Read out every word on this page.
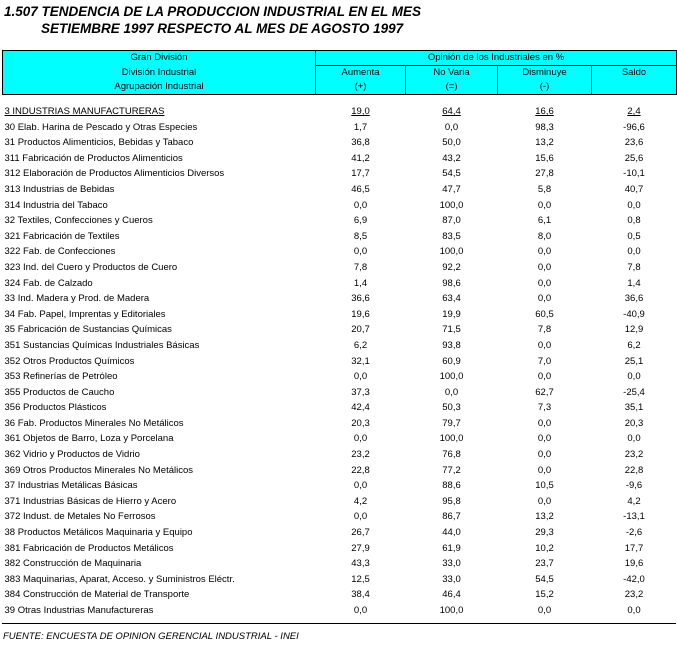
1.507 TENDENCIA DE LA PRODUCCION INDUSTRIAL EN EL MES
SETIEMBRE 1997 RESPECTO AL MES DE AGOSTO 1997
Gran División	Opinión de los Industriales en %			
División Industrial	Aumenta	No Varia	Disminuye	Saldo
Agrupación Industrial	(+)	(=)	(-)	
3 INDUSTRIAS MANUFACTURERAS	19,0	64,4	16,6	2,4
30 Elab. Harina de Pescado y Otras Especies	1,7	0,0	98,3	-96,6
31 Productos Alimenticios, Bebidas y Tabaco	36,8	50,0	13,2	23,6
311 Fabricación de Productos Alimenticios	41,2	43,2	15,6	25,6
312 Elaboración de Productos Alimenticios Diversos	17,7	54,5	27,8	-10,1
313 Industrias de Bebidas	46,5	47,7	5,8	40,7
314 Industria del Tabaco	0,0	100,0	0,0	0,0
32 Textiles, Confecciones y Cueros	6,9	87,0	6,1	0,8
321 Fabricación de Textiles	8,5	83,5	8,0	0,5
322 Fab. de Confecciones	0,0	100,0	0,0	0,0
323 Ind. del Cuero y Productos de Cuero	7,8	92,2	0,0	7,8
324 Fab. de Calzado	1,4	98,6	0,0	1,4
33 Ind. Madera y Prod. de Madera	36,6	63,4	0,0	36,6
34 Fab. Papel, Imprentas y Editoriales	19,6	19,9	60,5	-40,9
35 Fabricación de Sustancias Químicas	20,7	71,5	7,8	12,9
351 Sustancias Químicas Industriales Básicas	6,2	93,8	0,0	6,2
352 Otros Productos Químicos	32,1	60,9	7,0	25,1
353 Refinerías de Petróleo	0,0	100,0	0,0	0,0
355 Productos de Caucho	37,3	0,0	62,7	-25,4
356 Productos Plásticos	42,4	50,3	7,3	35,1
36 Fab. Productos Minerales No Metálicos	20,3	79,7	0,0	20,3
361 Objetos de Barro, Loza y Porcelana	0,0	100,0	0,0	0,0
362 Vidrio y Productos de Vidrio	23,2	76,8	0,0	23,2
369 Otros Productos Minerales No Metálicos	22,8	77,2	0,0	22,8
37 Industrias Metálicas Básicas	0,0	88,6	10,5	-9,6
371 Industrias Básicas de Hierro y Acero	4,2	95,8	0,0	4,2
372 Indust. de Metales No Ferrosos	0,0	86,7	13,2	-13,1
38 Productos Metálicos Maquinaria y Equipo	26,7	44,0	29,3	-2,6
381 Fabricación de Productos Metálicos	27,9	61,9	10,2	17,7
382 Construcción de Maquinaria	43,3	33,0	23,7	19,6
383 Maquinarias, Aparat, Acceso. y Suministros Eléctr.	12,5	33,0	54,5	-42,0
384 Construcción de Material de Transporte	38,4	46,4	15,2	23,2
39 Otras Industrias Manufactureras	0,0	100,0	0,0	0,0
FUENTE: ENCUESTA DE OPINION GERENCIAL INDUSTRIAL - INEI
